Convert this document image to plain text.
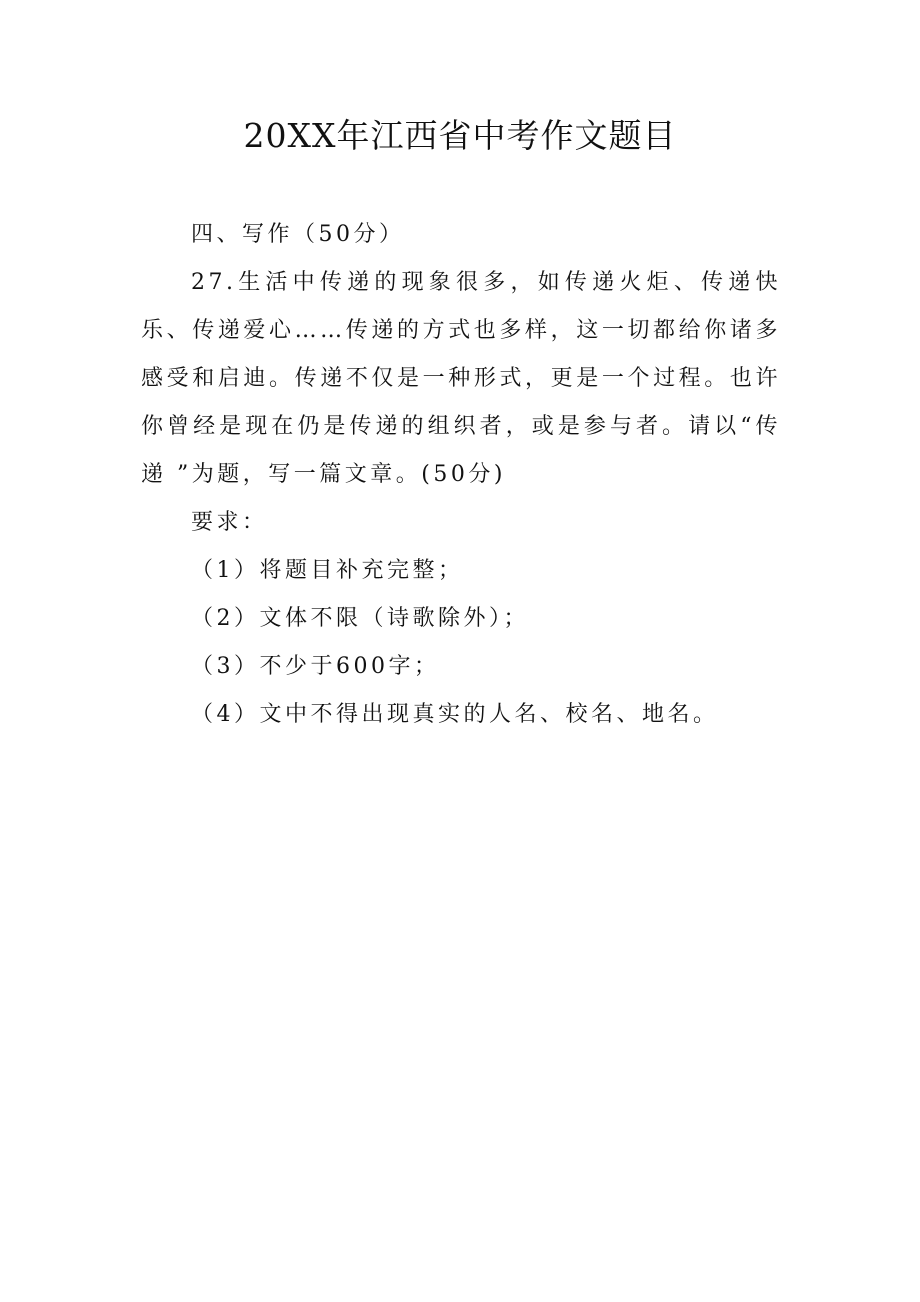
20XX年江西省中考作文题目

四、写作（50分）

27.生活中传递的现象很多，如传递火炬、传递快乐、传递爱心……传递的方式也多样，这一切都给你诸多感受和启迪。传递不仅是一种形式，更是一个过程。也许你曾经是现在仍是传递的组织者，或是参与者。请以“传递 ”为题，写一篇文章。(50分)

要求：

（1）将题目补充完整；

（2）文体不限（诗歌除外）；

（3）不少于600字；

（4）文中不得出现真实的人名、校名、地名。
